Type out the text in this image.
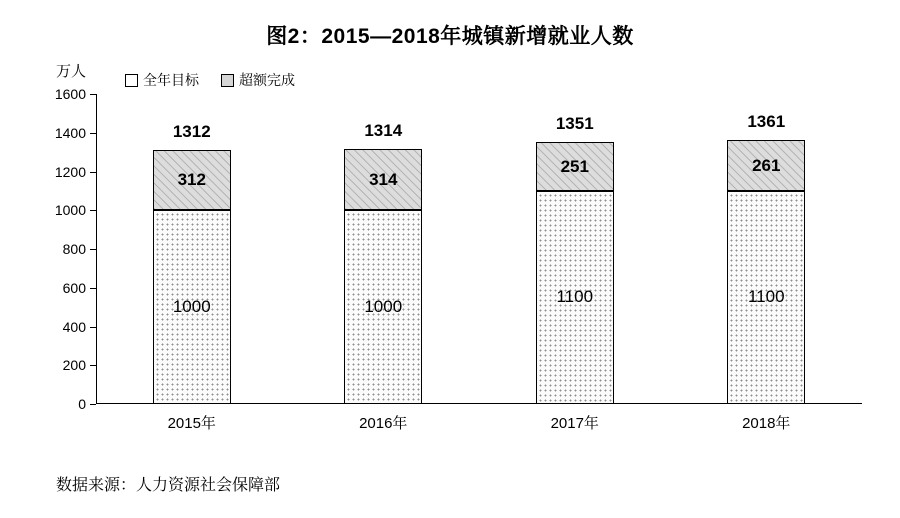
图2：2015—2018年城镇新增就业人数
万人	全年目标	超额完成
0
200
400
600
800
1000
1200
1400
1600
1000
312
1312
2015年
1000
314
1314
2016年
1100
251
1351
2017年
1100
261
1361
2018年
数据来源：人力资源社会保障部
